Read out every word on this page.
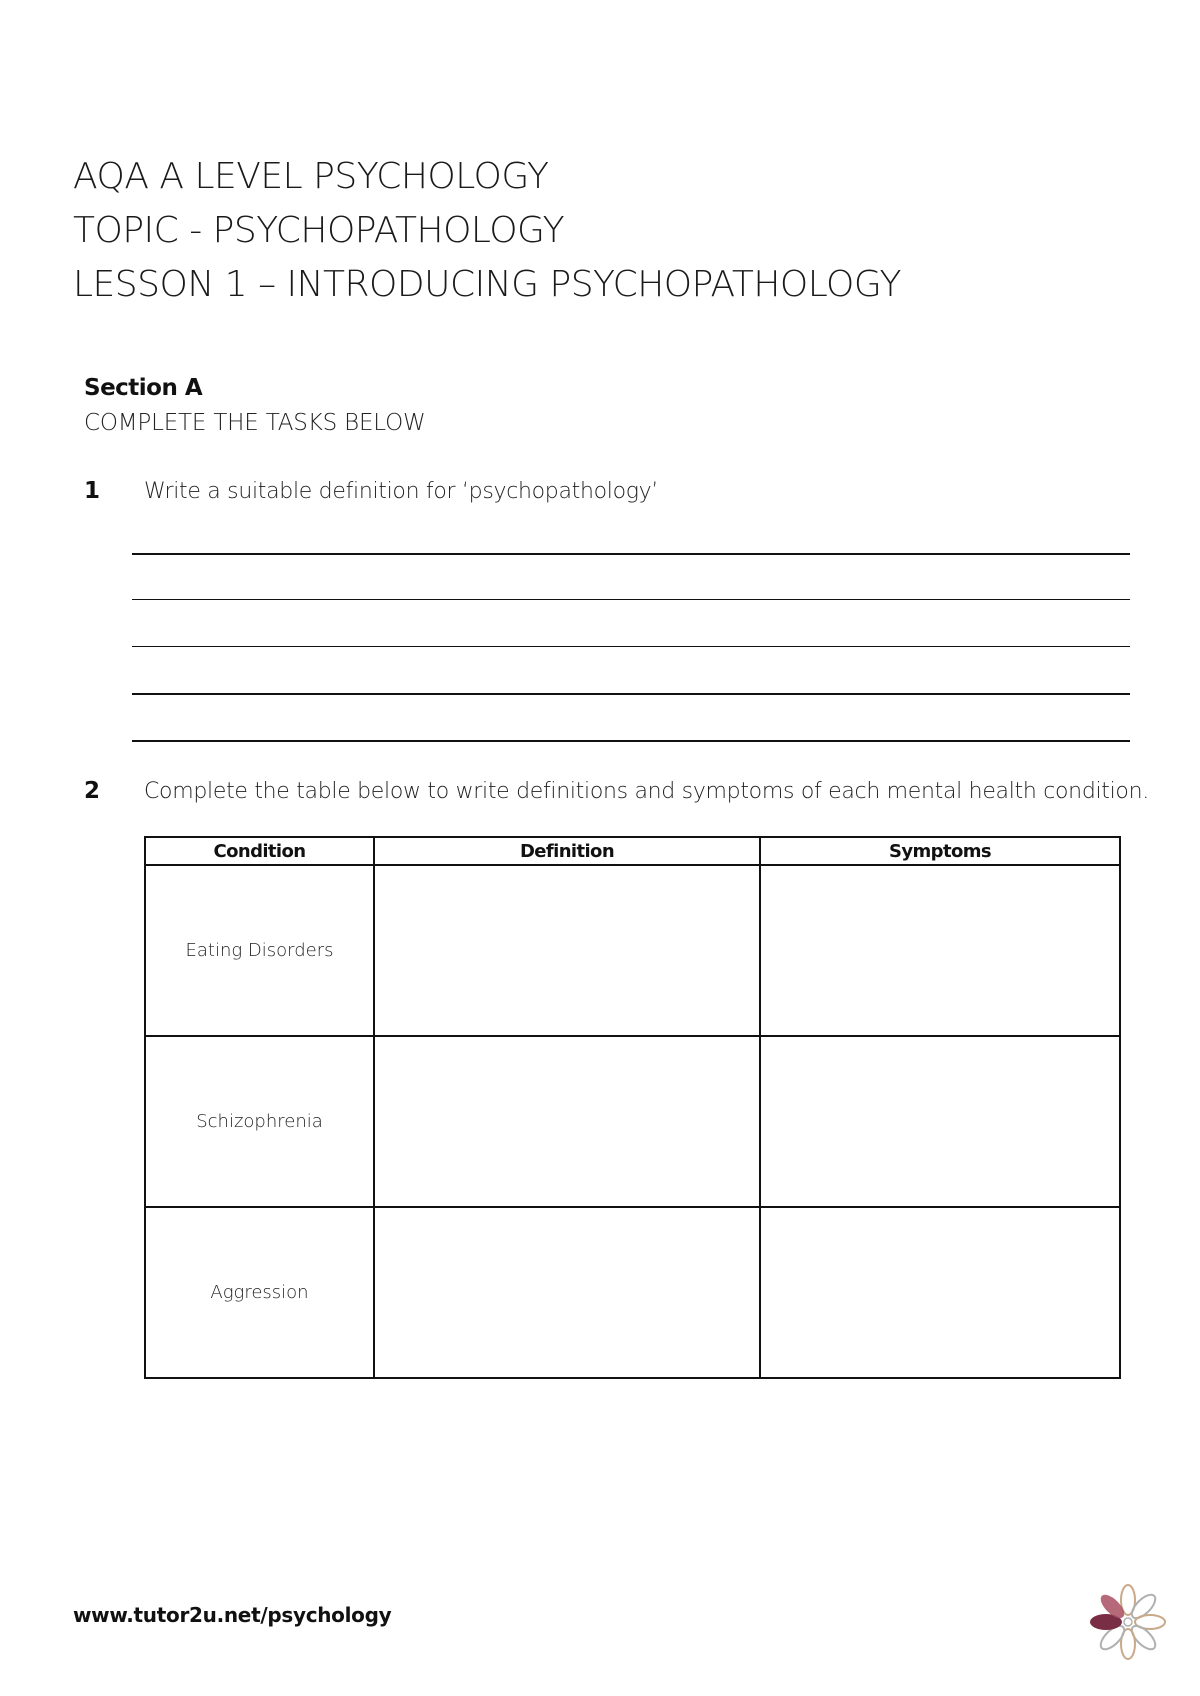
AQA A LEVEL PSYCHOLOGY
TOPIC - PSYCHOPATHOLOGY
LESSON 1 – INTRODUCING PSYCHOPATHOLOGY
Section A
COMPLETE THE TASKS BELOW
1 Write a suitable definition for ‘psychopathology’
2 Complete the table below to write definitions and symptoms of each mental health condition.
Condition	Definition	Symptoms
Eating Disorders		
Schizophrenia		
Aggression		
www.tutor2u.net/psychology
